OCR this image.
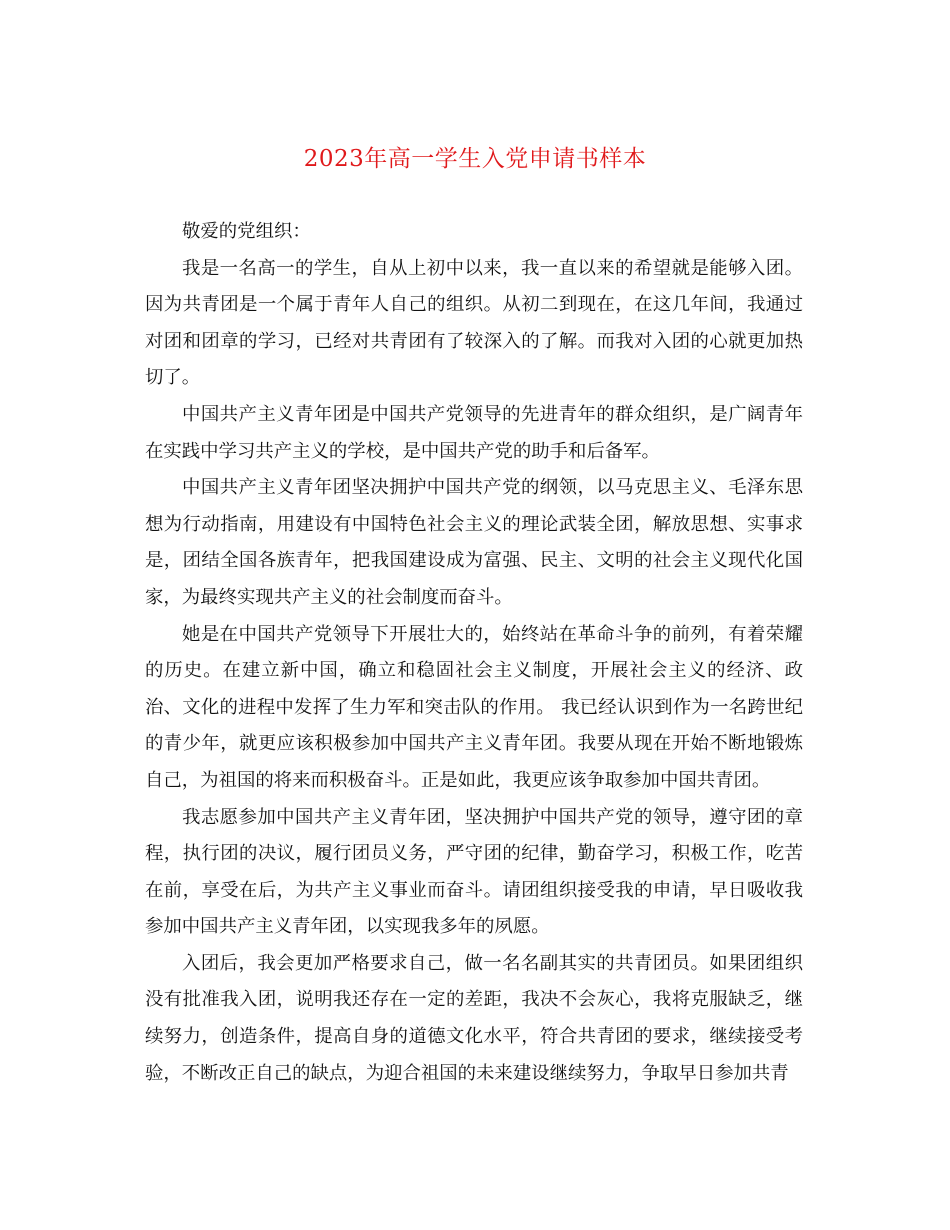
2023年高一学生入党申请书样本

敬爱的党组织：

我是一名高一的学生，自从上初中以来，我一直以来的希望就是能够入团。因为共青团是一个属于青年人自己的组织。从初二到现在，在这几年间，我通过对团和团章的学习，已经对共青团有了较深入的了解。而我对入团的心就更加热切了。

中国共产主义青年团是中国共产党领导的先进青年的群众组织，是广阔青年在实践中学习共产主义的学校，是中国共产党的助手和后备军。

中国共产主义青年团坚决拥护中国共产党的纲领，以马克思主义、毛泽东思想为行动指南，用建设有中国特色社会主义的理论武装全团，解放思想、实事求是，团结全国各族青年，把我国建设成为富强、民主、文明的社会主义现代化国家，为最终实现共产主义的社会制度而奋斗。

她是在中国共产党领导下开展壮大的，始终站在革命斗争的前列，有着荣耀的历史。在建立新中国，确立和稳固社会主义制度，开展社会主义的经济、政治、文化的进程中发挥了生力军和突击队的作用。 我已经认识到作为一名跨世纪的青少年，就更应该积极参加中国共产主义青年团。我要从现在开始不断地锻炼自己，为祖国的将来而积极奋斗。正是如此，我更应该争取参加中国共青团。

我志愿参加中国共产主义青年团，坚决拥护中国共产党的领导，遵守团的章程，执行团的决议，履行团员义务，严守团的纪律，勤奋学习，积极工作，吃苦在前，享受在后，为共产主义事业而奋斗。请团组织接受我的申请，早日吸收我参加中国共产主义青年团，以实现我多年的夙愿。

入团后，我会更加严格要求自己，做一名名副其实的共青团员。如果团组织没有批准我入团，说明我还存在一定的差距，我决不会灰心，我将克服缺乏，继续努力，创造条件，提高自身的道德文化水平，符合共青团的要求，继续接受考验，不断改正自己的缺点，为迎合祖国的未来建设继续努力，争取早日参加共青
